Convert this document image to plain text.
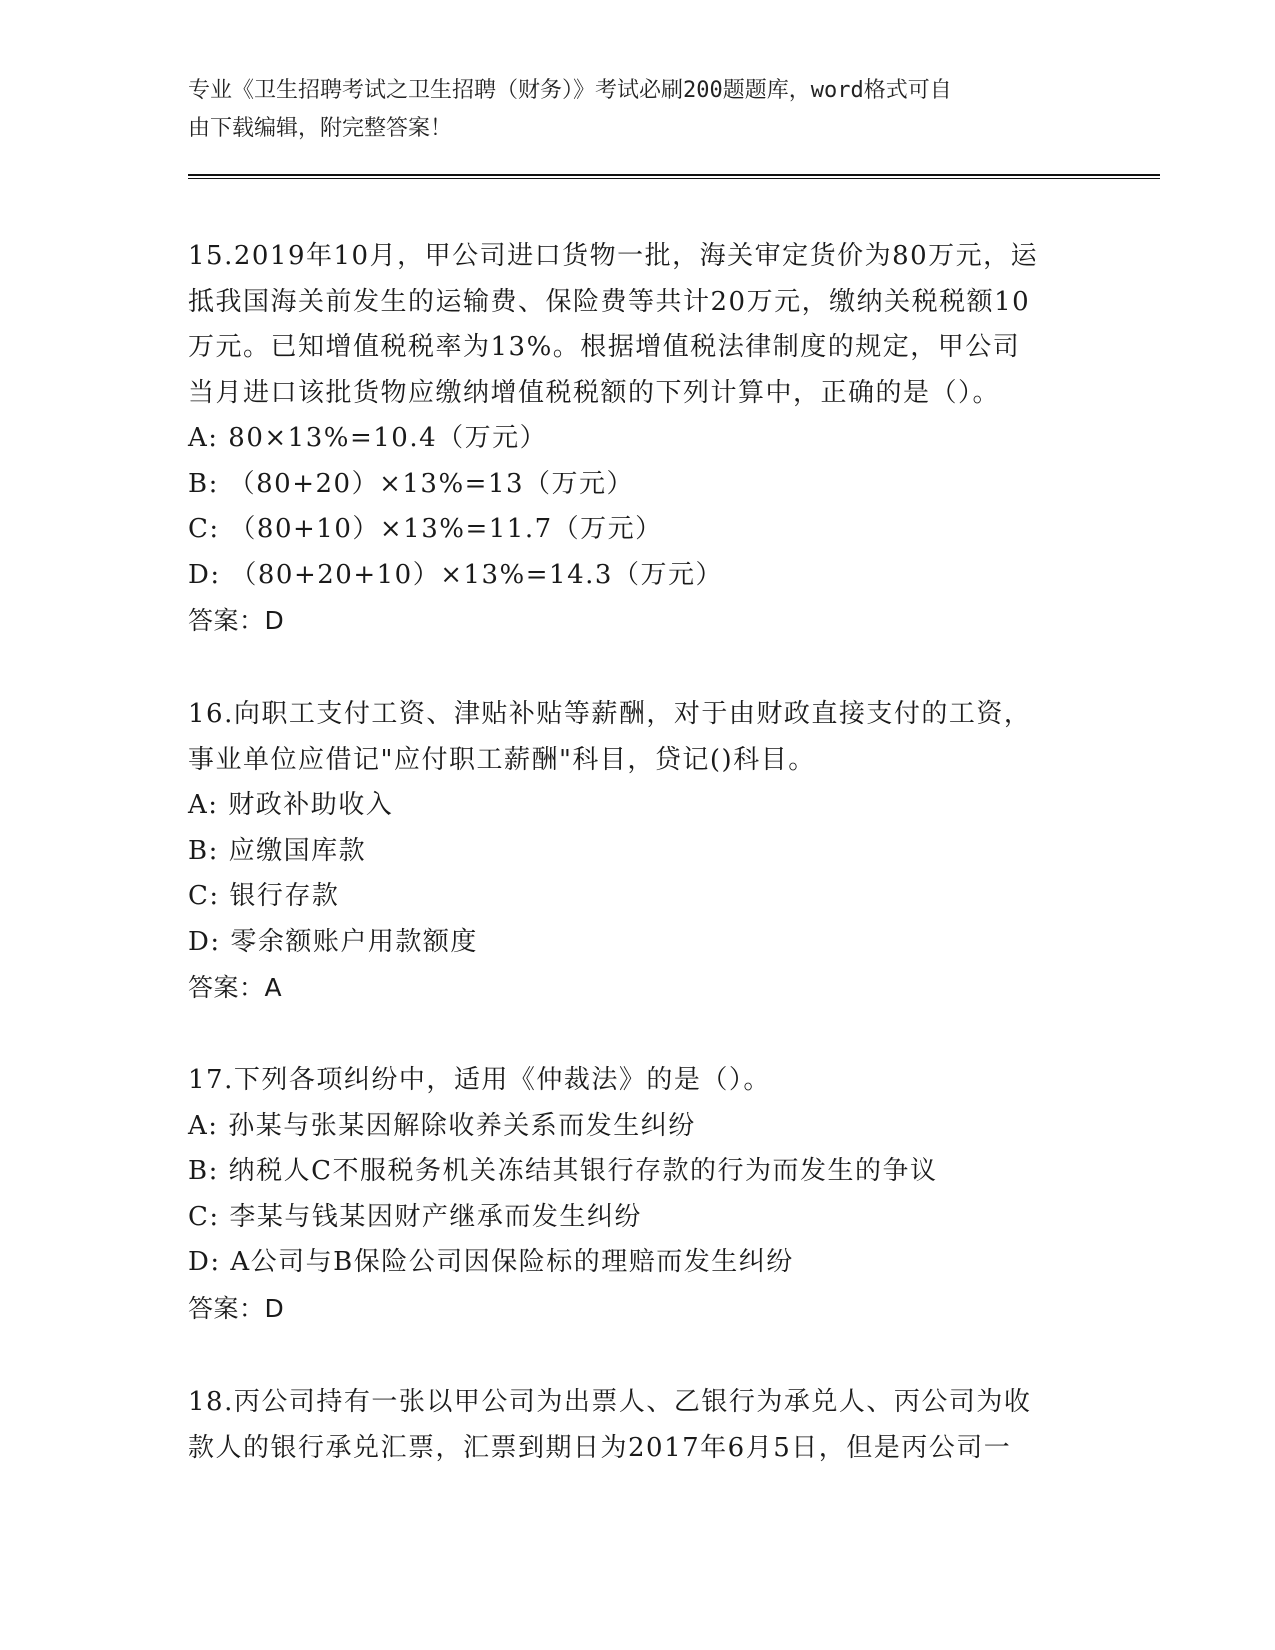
专业《卫生招聘考试之卫生招聘（财务）》考试必刷200题题库，word格式可自
由下载编辑，附完整答案！

15.2019年10月，甲公司进口货物一批，海关审定货价为80万元，运

抵我国海关前发生的运输费、保险费等共计20万元，缴纳关税税额10

万元。已知增值税税率为13%。根据增值税法律制度的规定，甲公司

当月进口该批货物应缴纳增值税税额的下列计算中，正确的是（）。

A: 80×13%=10.4（万元）

B: （80+20）×13%=13（万元）

C: （80+10）×13%=11.7（万元）

D: （80+20+10）×13%=14.3（万元）

答案：D

16.向职工支付工资、津贴补贴等薪酬，对于由财政直接支付的工资，

事业单位应借记"应付职工薪酬"科目，贷记()科目。

A: 财政补助收入

B: 应缴国库款

C: 银行存款

D: 零余额账户用款额度

答案：A

17.下列各项纠纷中，适用《仲裁法》的是（）。

A: 孙某与张某因解除收养关系而发生纠纷

B: 纳税人C不服税务机关冻结其银行存款的行为而发生的争议

C: 李某与钱某因财产继承而发生纠纷

D: A公司与B保险公司因保险标的理赔而发生纠纷

答案：D

18.丙公司持有一张以甲公司为出票人、乙银行为承兑人、丙公司为收

款人的银行承兑汇票，汇票到期日为2017年6月5日，但是丙公司一
